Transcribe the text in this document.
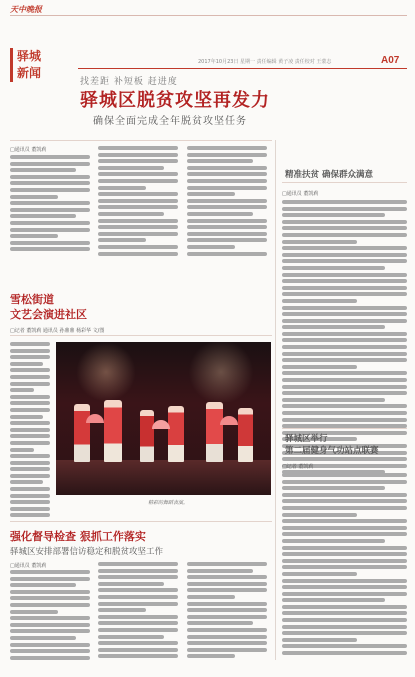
天中晚报
驿城
新闻
2017年10月23日 星期一 责任编辑 黄子凌 责任校对 王蒙志	A07
找差距 补短板 赶进度
驿城区脱贫攻坚再发力
确保全面完成全年脱贫攻坚任务
□通讯员 董凯莉
雪松街道
文艺会演进社区
□记者 董凯莉 通讯员 孙鼎鼎 杨彩华 文/图
精彩的舞蹈表演。
强化督导检查 狠抓工作落实
驿城区安排部署信访稳定和脱贫攻坚工作
□通讯员 董凯莉
精准扶贫 确保群众满意
□通讯员 董凯莉
驿城区举行
第二届健身气功站点联赛
□记者 董凯莉
